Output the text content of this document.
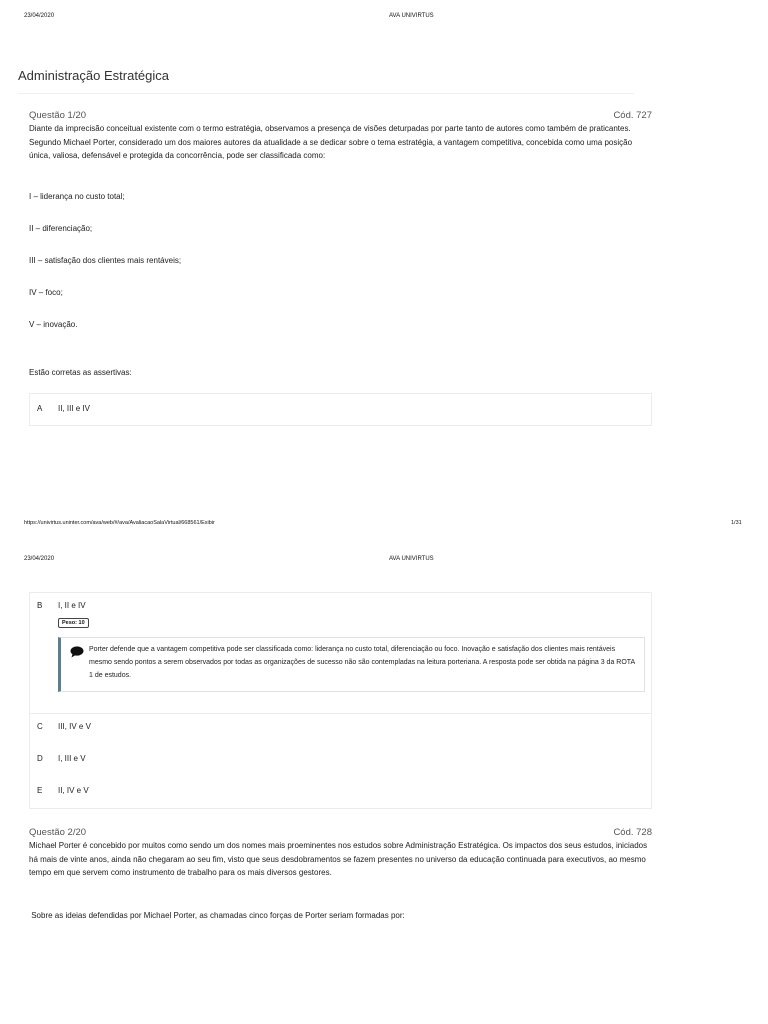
23/04/2020	AVA UNIVIRTUS
Administração Estratégica
Questão 1/20	Cód. 727
Diante da imprecisão conceitual existente com o termo estratégia, observamos a presença de visões deturpadas por parte tanto de autores como também de praticantes. Segundo Michael Porter, considerado um dos maiores autores da atualidade a se dedicar sobre o tema estratégia, a vantagem competitiva, concebida como uma posição única, valiosa, defensável e protegida da concorrência, pode ser classificada como:
I – liderança no custo total;
II – diferenciação;
III – satisfação dos clientes mais rentáveis;
IV – foco;
V – inovação.
Estão corretas as assertivas:
A II, III e IV
https://univirtus.uninter.com/ava/web/#/ava/AvaliacaoSalaVirtual/668561/Exibir	1/31
23/04/2020	AVA UNIVIRTUS
B I, II e IV
Peso: 10
Porter defende que a vantagem competitiva pode ser classificada como: liderança no custo total, diferenciação ou foco. Inovação e satisfação dos clientes mais rentáveis mesmo sendo pontos a serem observados por todas as organizações de sucesso não são contempladas na leitura porteriana. A resposta pode ser obtida na página 3 da ROTA 1 de estudos.
C III, IV e V
D I, III e V
E II, IV e V
Questão 2/20	Cód. 728
Michael Porter é concebido por muitos como sendo um dos nomes mais proeminentes nos estudos sobre Administração Estratégica. Os impactos dos seus estudos, iniciados há mais de vinte anos, ainda não chegaram ao seu fim, visto que seus desdobramentos se fazem presentes no universo da educação continuada para executivos, ao mesmo tempo em que servem como instrumento de trabalho para os mais diversos gestores.
Sobre as ideias defendidas por Michael Porter, as chamadas cinco forças de Porter seriam formadas por:
